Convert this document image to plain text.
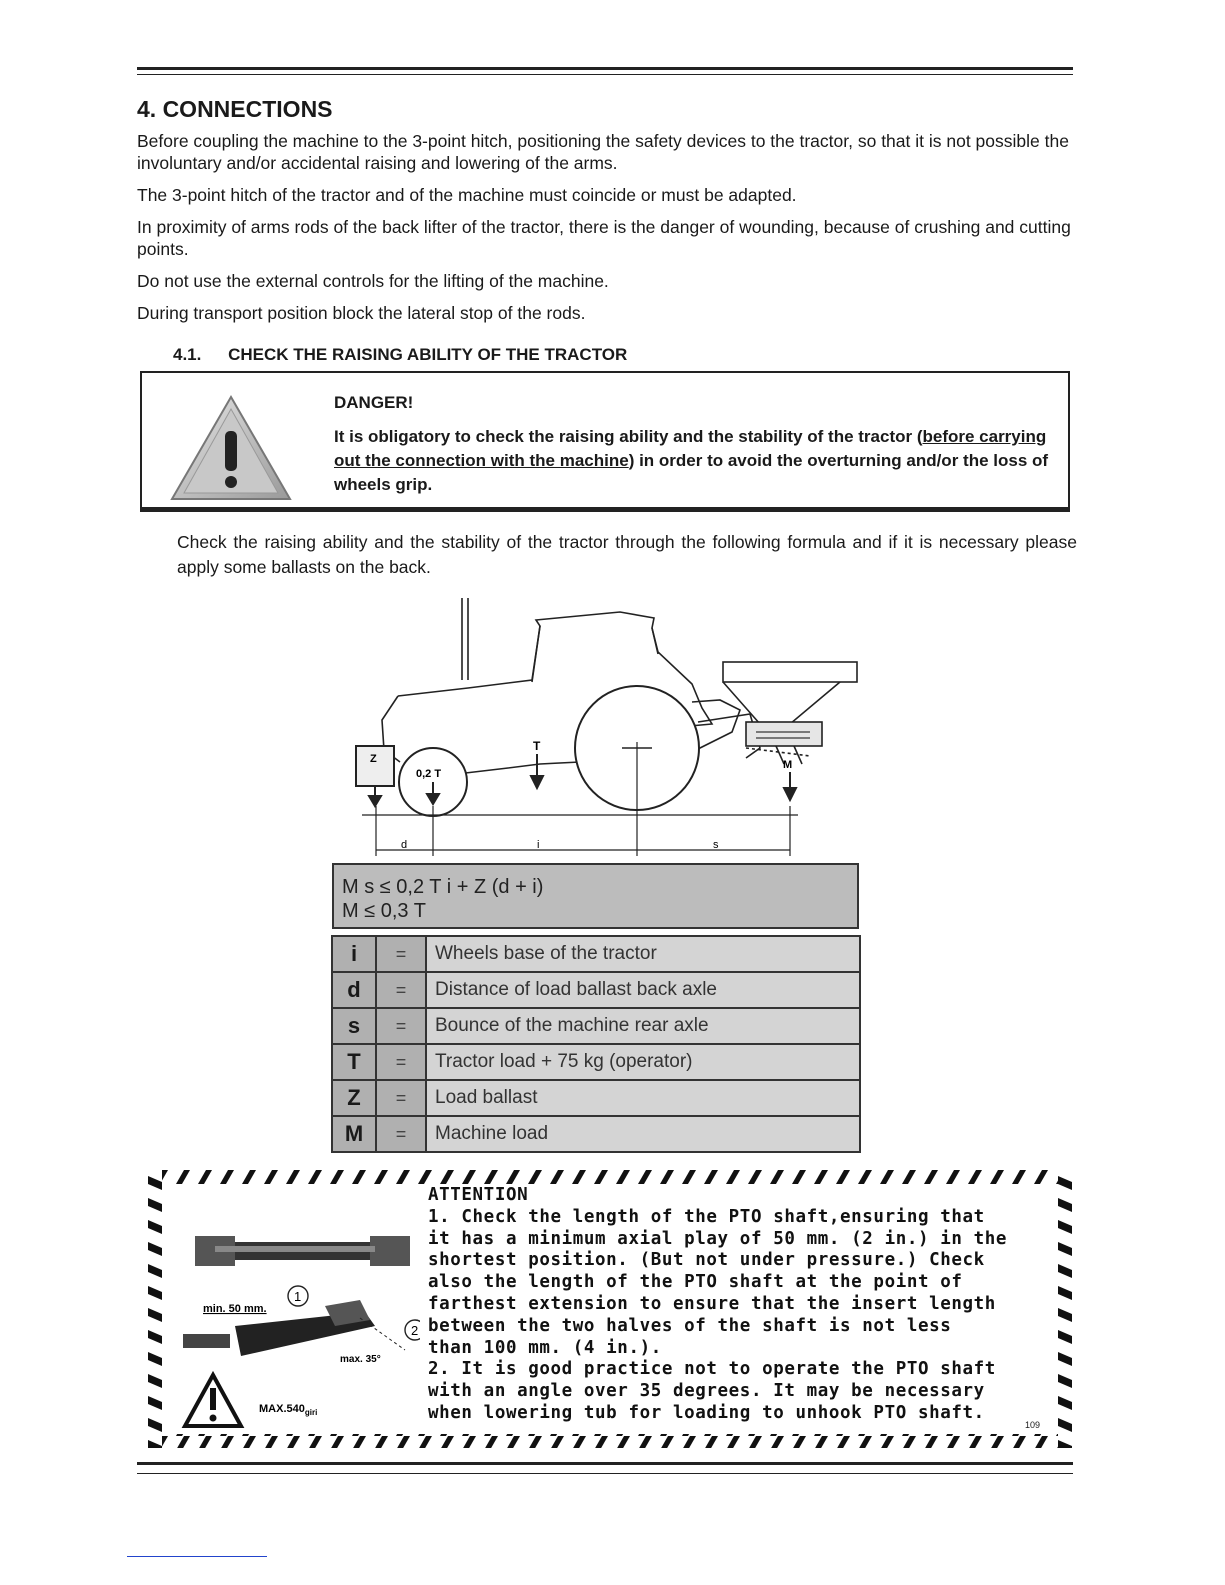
4. CONNECTIONS

Before coupling the machine to the 3-point hitch, positioning the safety devices to the tractor, so that it is not possible the involuntary and/or accidental raising and lowering of the arms.

The 3-point hitch of the tractor and of the machine must coincide or must be adapted.

In proximity of arms rods of the back lifter of the tractor, there is the danger of wounding, because of crushing and cutting points.

Do not use the external controls for the lifting of the machine.

During transport position block the lateral stop of the rods.

4.1. CHECK THE RAISING ABILITY OF THE TRACTOR
DANGER!
It is obligatory to check the raising ability and the stability of the tractor (before carrying out the connection with the machine) in order to avoid the overturning and/or the loss of wheels grip.
Check the raising ability and the stability of the tractor through the following formula and if it is necessary please apply some ballasts on the back.
Z
0,2 T
T
M
d	i	s
M s ≤ 0,2 T i + Z (d + i)
M ≤ 0,3 T
i	=	Wheels base of the tractor
d	=	Distance of load ballast back axle
s	=	Bounce of the machine rear axle
T	=	Tractor load + 75 kg (operator)
Z	=	Load ballast
M	=	Machine load
ATTENTION
1. Check the length of the PTO shaft,ensuring that
it has a minimum axial play of 50 mm. (2 in.) in the
shortest position. (But not under pressure.) Check
also the length of the PTO shaft at the point of
farthest extension to ensure that the insert length
between the two halves of the shaft is not less
than 100 mm. (4 in.).
2. It is good practice not to operate the PTO shaft
with an angle over 35 degrees. It may be necessary
when lowering tub for loading to unhook PTO shaft.
1
min. 50 mm.
2
max. 35°
$MAX.540_{giri}$
109
